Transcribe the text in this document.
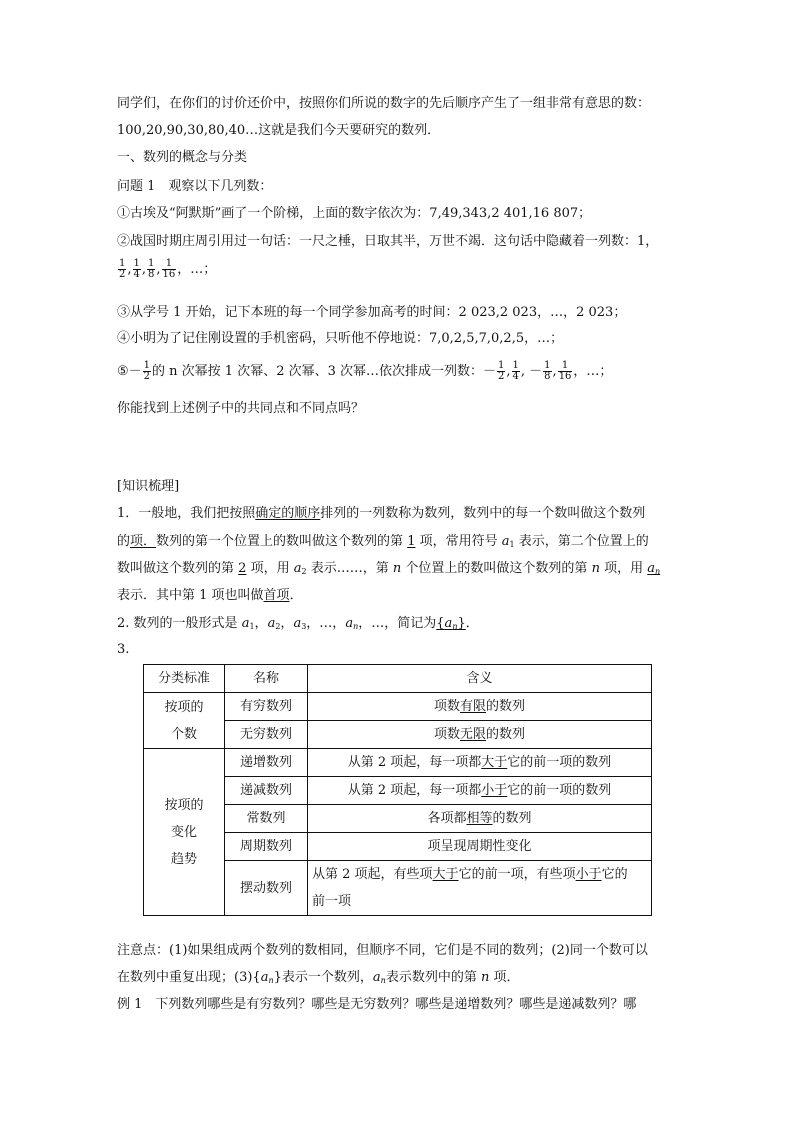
同学们，在你们的讨价还价中，按照你们所说的数字的先后顺序产生了一组非常有意思的数：
100,20,90,30,80,40…这就是我们今天要研究的数列．
一、数列的概念与分类
问题 1　 观察以下几列数：
①古埃及“阿默斯”画了一个阶梯，上面的数字依次为：7,49,343,2 401,16 807；
②战国时期庄周引用过一句话：一尺之棰，日取其半，万世不竭．这句话中隐藏着一列数：1，
$\frac{1}{2}$ , $\frac{1}{4}$ , $\frac{1}{8}$ , $\frac{1}{16}$ ，…；
③从学号 1 开始，记下本班的每一个同学参加高考的时间：2 023,2 023，…，2 023；
④小明为了记住刚设置的手机密码，只听他不停地说：7,0,2,5,7,0,2,5，…；
⑤－ $\frac{1}{2}$ 的 n 次幂按 1 次幂、2 次幂、3 次幂…依次排成一列数：－ $\frac{1}{2}$ , $\frac{1}{4}$ , － $\frac{1}{8}$ , $\frac{1}{16}$ ，…；
你能找到上述例子中的共同点和不同点吗？
[知识梳理]
1．一般地，我们把按照确定的顺序排列的一列数称为数列，数列中的每一个数叫做这个数列
的项．数列的第一个位置上的数叫做这个数列的第 1 项，常用符号 $a_1$ 表示，第二个位置上的
数叫做这个数列的第 2 项，用 $a_2$ 表示……，第 n 个位置上的数叫做这个数列的第 n 项，用 $a_n$
表示．其中第 1 项也叫做首项．
2. 数列的一般形式是 $a_1$，$a_2$，$a_3$，…，$a_n$，…，简记为$\{a_n\}$．
3.
分类标准	名称	含义
按项的
个数	有穷数列	项数有限的数列
	无穷数列	项数无限的数列
按项的
变化
趋势	递增数列	从第 2 项起，每一项都大于它的前一项的数列
	递减数列	从第 2 项起，每一项都小于它的前一项的数列
	常数列	各项都相等的数列
	周期数列	项呈现周期性变化
	摆动数列	从第 2 项起，有些项大于它的前一项，有些项小于它的
前一项
注意点：(1)如果组成两个数列的数相同，但顺序不同，它们是不同的数列；(2)同一个数可以
在数列中重复出现；$(3)\{a_n\}$表示一个数列，$a_n$表示数列中的第 n 项．
例 1　下列数列哪些是有穷数列？哪些是无穷数列？哪些是递增数列？哪些是递减数列？哪
